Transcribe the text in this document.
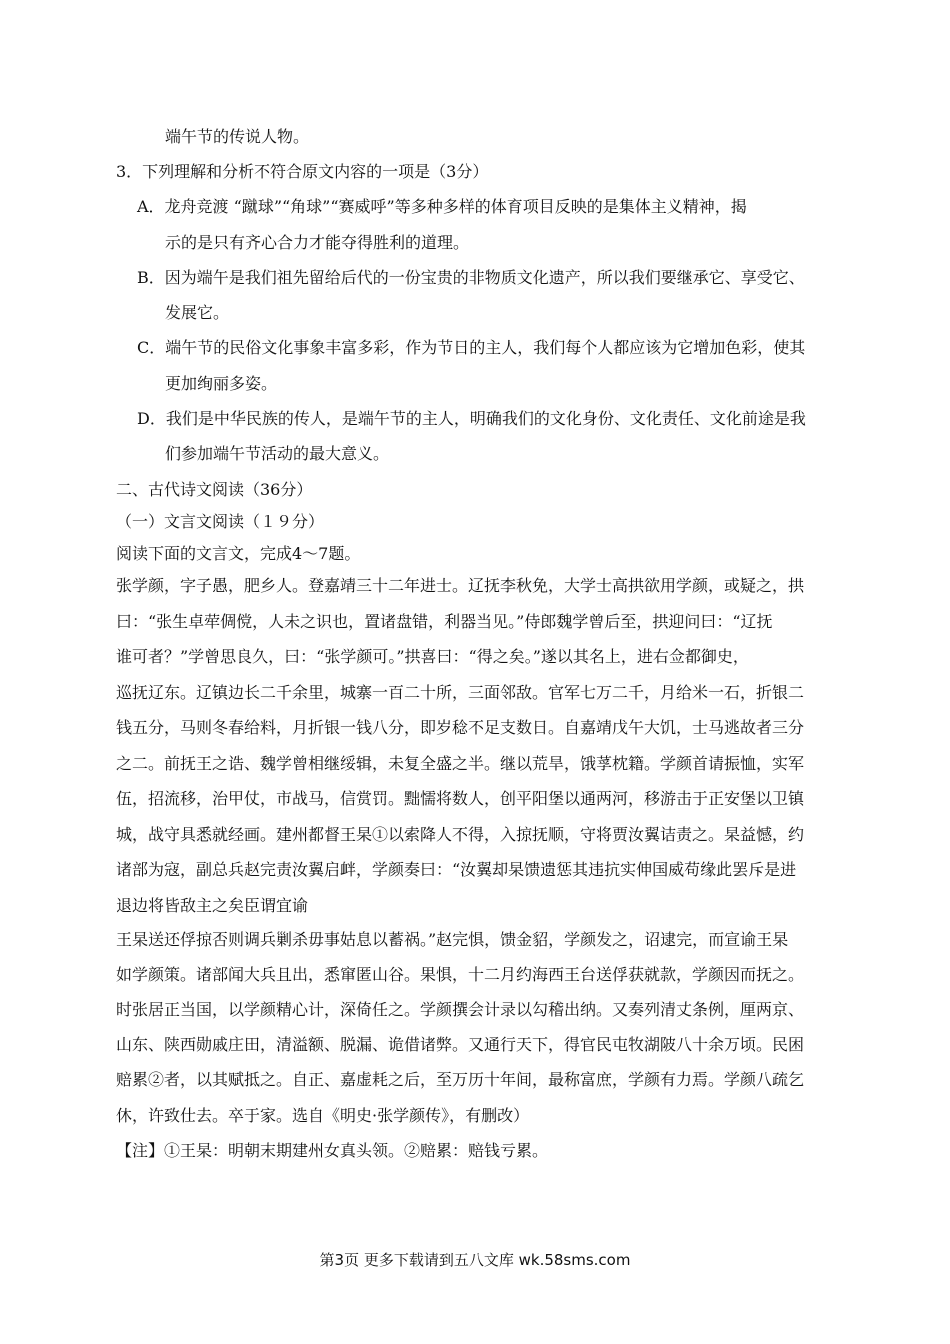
端午节的传说人物。
3．下列理解和分析不符合原文内容的一项是（3分）
A．龙舟竞渡 “蹴球”“角球”“赛威呼”等多种多样的体育项目反映的是集体主义精神，揭
示的是只有齐心合力才能夺得胜利的道理。
B．因为端午是我们祖先留给后代的一份宝贵的非物质文化遗产，所以我们要继承它、享受它、
发展它。
C．端午节的民俗文化事象丰富多彩，作为节日的主人，我们每个人都应该为它增加色彩，使其
更加绚丽多姿。
D．我们是中华民族的传人，是端午节的主人，明确我们的文化身份、文化责任、文化前途是我
们参加端午节活动的最大意义。
二、古代诗文阅读（36分）
（一）文言文阅读（１９分）
阅读下面的文言文，完成4～7题。
张学颜，字子愚，肥乡人。登嘉靖三十二年进士。辽抚李秋免，大学士高拱欲用学颜，或疑之，拱
曰：“张生卓荦倜傥，人未之识也，置诸盘错，利器当见。”侍郎魏学曾后至，拱迎问曰：“辽抚
谁可者？”学曾思良久，曰：“张学颜可。”拱喜曰：“得之矣。”遂以其名上，进右佥都御史，
巡抚辽东。辽镇边长二千余里，城寨一百二十所，三面邻敌。官军七万二千，月给米一石，折银二
钱五分，马则冬春给料，月折银一钱八分，即岁稔不足支数日。自嘉靖戊午大饥，士马逃故者三分
之二。前抚王之诰、魏学曾相继绥辑，未复全盛之半。继以荒旱，饿莩枕籍。学颜首请振恤，实军
伍，招流移，治甲仗，市战马，信赏罚。黜懦将数人，创平阳堡以通两河，移游击于正安堡以卫镇
城，战守具悉就经画。建州都督王杲①以索降人不得，入掠抚顺，守将贾汝翼诘责之。杲益憾，约
诸部为寇，副总兵赵完责汝翼启衅，学颜奏曰：“汝翼却杲馈遗惩其违抗实伸国威苟缘此罢斥是进
退边将皆敌主之矣臣谓宜谕
王杲送还俘掠否则调兵剿杀毋事姑息以蓄祸。”赵完惧，馈金貂，学颜发之，诏逮完，而宣谕王杲
如学颜策。诸部闻大兵且出，悉窜匿山谷。果惧，十二月约海西王台送俘获就款，学颜因而抚之。
时张居正当国，以学颜精心计，深倚任之。学颜撰会计录以勾稽出纳。又奏列清丈条例，厘两京、
山东、陕西勋戚庄田，清溢额、脱漏、诡借诸弊。又通行天下，得官民屯牧湖陂八十余万顷。民困
赔累②者，以其赋抵之。自正、嘉虚耗之后，至万历十年间，最称富庶，学颜有力焉。学颜八疏乞
休，许致仕去。卒于家。选自《明史·张学颜传》，有删改）
【注】①王杲：明朝末期建州女真头领。②赔累：赔钱亏累。
第3页 更多下载请到五八文库 wk.58sms.com
